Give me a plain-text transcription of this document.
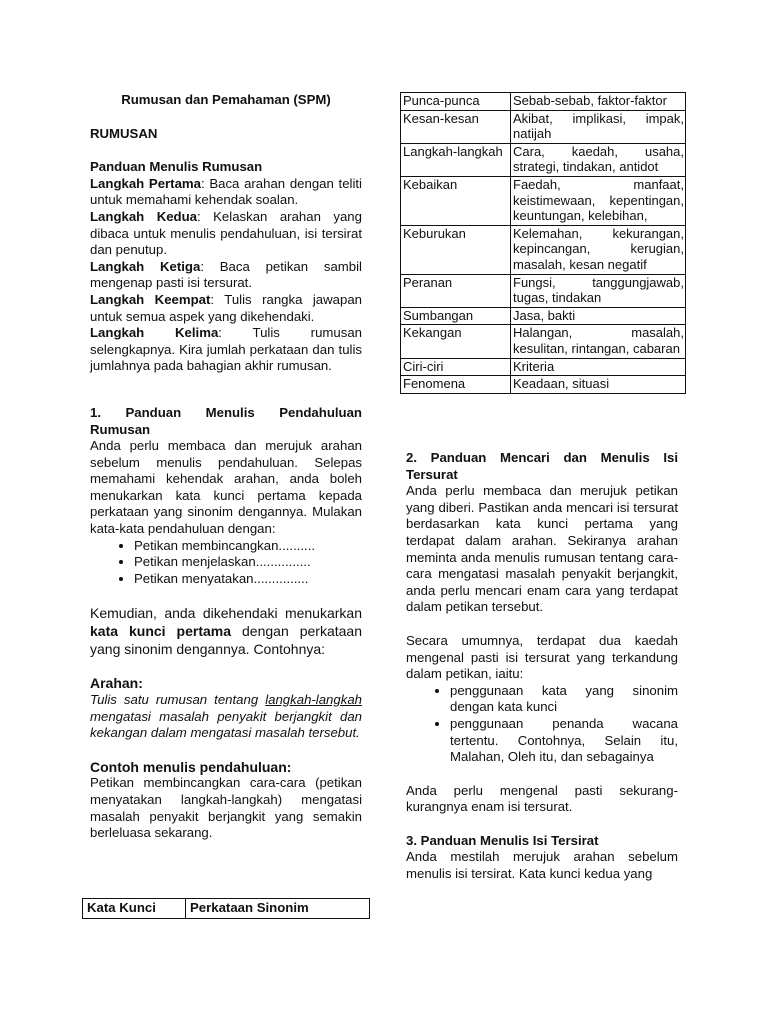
Rumusan dan Pemahaman (SPM)

RUMUSAN

Panduan Menulis Rumusan

Langkah Pertama: Baca arahan dengan teliti untuk memahami kehendak soalan.

Langkah Kedua: Kelaskan arahan yang dibaca untuk menulis pendahuluan, isi tersirat dan penutup.

Langkah Ketiga: Baca petikan sambil mengenap pasti isi tersurat.

Langkah Keempat: Tulis rangka jawapan untuk semua aspek yang dikehendaki.

Langkah Kelima: Tulis rumusan selengkapnya. Kira jumlah perkataan dan tulis jumlahnya pada bahagian akhir rumusan.

1. Panduan Menulis Pendahuluan Rumusan

Anda perlu membaca dan merujuk arahan sebelum menulis pendahuluan. Selepas memahami kehendak arahan, anda boleh menukarkan kata kunci pertama kepada perkataan yang sinonim dengannya. Mulakan kata-kata pendahuluan dengan:

• Petikan membincangkan..........
• Petikan menjelaskan...............
• Petikan menyatakan...............

Kemudian, anda dikehendaki menukarkan kata kunci pertama dengan perkataan yang sinonim dengannya. Contohnya:

Arahan:

Tulis satu rumusan tentang langkah-langkah mengatasi masalah penyakit berjangkit dan kekangan dalam mengatasi masalah tersebut.

Contoh menulis pendahuluan:

Petikan membincangkan cara-cara (petikan menyatakan langkah-langkah) mengatasi masalah penyakit berjangkit yang semakin berleluasa sekarang.

Kata Kunci	Perkataan Sinonim
Punca-punca	Sebab-sebab, faktor-faktor
Kesan-kesan	Akibat, implikasi, impak, natijah
Langkah-langkah	Cara, kaedah, usaha, strategi, tindakan, antidot
Kebaikan	Faedah, manfaat, keistimewaan, kepentingan, keuntungan, kelebihan,
Keburukan	Kelemahan, kekurangan, kepincangan, kerugian, masalah, kesan negatif
Peranan	Fungsi, tanggungjawab, tugas, tindakan
Sumbangan	Jasa, bakti
Kekangan	Halangan, masalah, kesulitan, rintangan, cabaran
Ciri-ciri	Kriteria
Fenomena	Keadaan, situasi

2. Panduan Mencari dan Menulis Isi Tersurat

Anda perlu membaca dan merujuk petikan yang diberi. Pastikan anda mencari isi tersurat berdasarkan kata kunci pertama yang terdapat dalam arahan. Sekiranya arahan meminta anda menulis rumusan tentang cara-cara mengatasi masalah penyakit berjangkit, anda perlu mencari enam cara yang terdapat dalam petikan tersebut.

Secara umumnya, terdapat dua kaedah mengenal pasti isi tersurat yang terkandung dalam petikan, iaitu:

• penggunaan kata yang sinonim dengan kata kunci
• penggunaan penanda wacana tertentu. Contohnya, Selain itu, Malahan, Oleh itu, dan sebagainya

Anda perlu mengenal pasti sekurang-kurangnya enam isi tersurat.

3. Panduan Menulis Isi Tersirat

Anda mestilah merujuk arahan sebelum menulis isi tersirat. Kata kunci kedua yang
